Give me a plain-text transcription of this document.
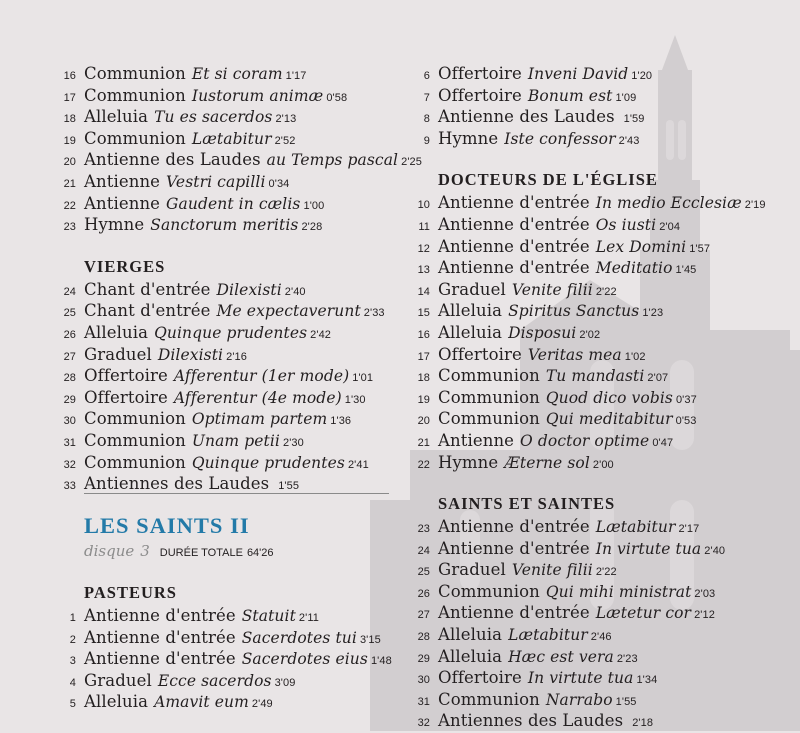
16 Communion Et si coram 1'17
17 Communion Iustorum animæ 0'58
18 Alleluia Tu es sacerdos 2'13
19 Communion Lætabitur 2'52
20 Antienne des Laudes au Temps pascal 2'25
21 Antienne Vestri capilli 0'34
22 Antienne Gaudent in cælis 1'00
23 Hymne Sanctorum meritis 2'28
VIERGES
24 Chant d'entrée Dilexisti 2'40
25 Chant d'entrée Me expectaverunt 2'33
26 Alleluia Quinque prudentes 2'42
27 Graduel Dilexisti 2'16
28 Offertoire Afferentur (1er mode) 1'01
29 Offertoire Afferentur (4e mode) 1'30
30 Communion Optimam partem 1'36
31 Communion Unam petii 2'30
32 Communion Quinque prudentes 2'41
33 Antiennes des Laudes 1'55
LES SAINTS II
disque 3 DURÉE TOTALE 64'26
PASTEURS
1 Antienne d'entrée Statuit 2'11
2 Antienne d'entrée Sacerdotes tui 3'15
3 Antienne d'entrée Sacerdotes eius 1'48
4 Graduel Ecce sacerdos 3'09
5 Alleluia Amavit eum 2'49
6 Offertoire Inveni David 1'20
7 Offertoire Bonum est 1'09
8 Antienne des Laudes 1'59
9 Hymne Iste confessor 2'43
DOCTEURS DE L'ÉGLISE
10 Antienne d'entrée In medio Ecclesiæ 2'19
11 Antienne d'entrée Os iusti 2'04
12 Antienne d'entrée Lex Domini 1'57
13 Antienne d'entrée Meditatio 1'45
14 Graduel Venite filii 2'22
15 Alleluia Spiritus Sanctus 1'23
16 Alleluia Disposui 2'02
17 Offertoire Veritas mea 1'02
18 Communion Tu mandasti 2'07
19 Communion Quod dico vobis 0'37
20 Communion Qui meditabitur 0'53
21 Antienne O doctor optime 0'47
22 Hymne Æterne sol 2'00
SAINTS ET SAINTES
23 Antienne d'entrée Lætabitur 2'17
24 Antienne d'entrée In virtute tua 2'40
25 Graduel Venite filii 2'22
26 Communion Qui mihi ministrat 2'03
27 Antienne d'entrée Lætetur cor 2'12
28 Alleluia Lætabitur 2'46
29 Alleluia Hæc est vera 2'23
30 Offertoire In virtute tua 1'34
31 Communion Narrabo 1'55
32 Antiennes des Laudes 2'18
